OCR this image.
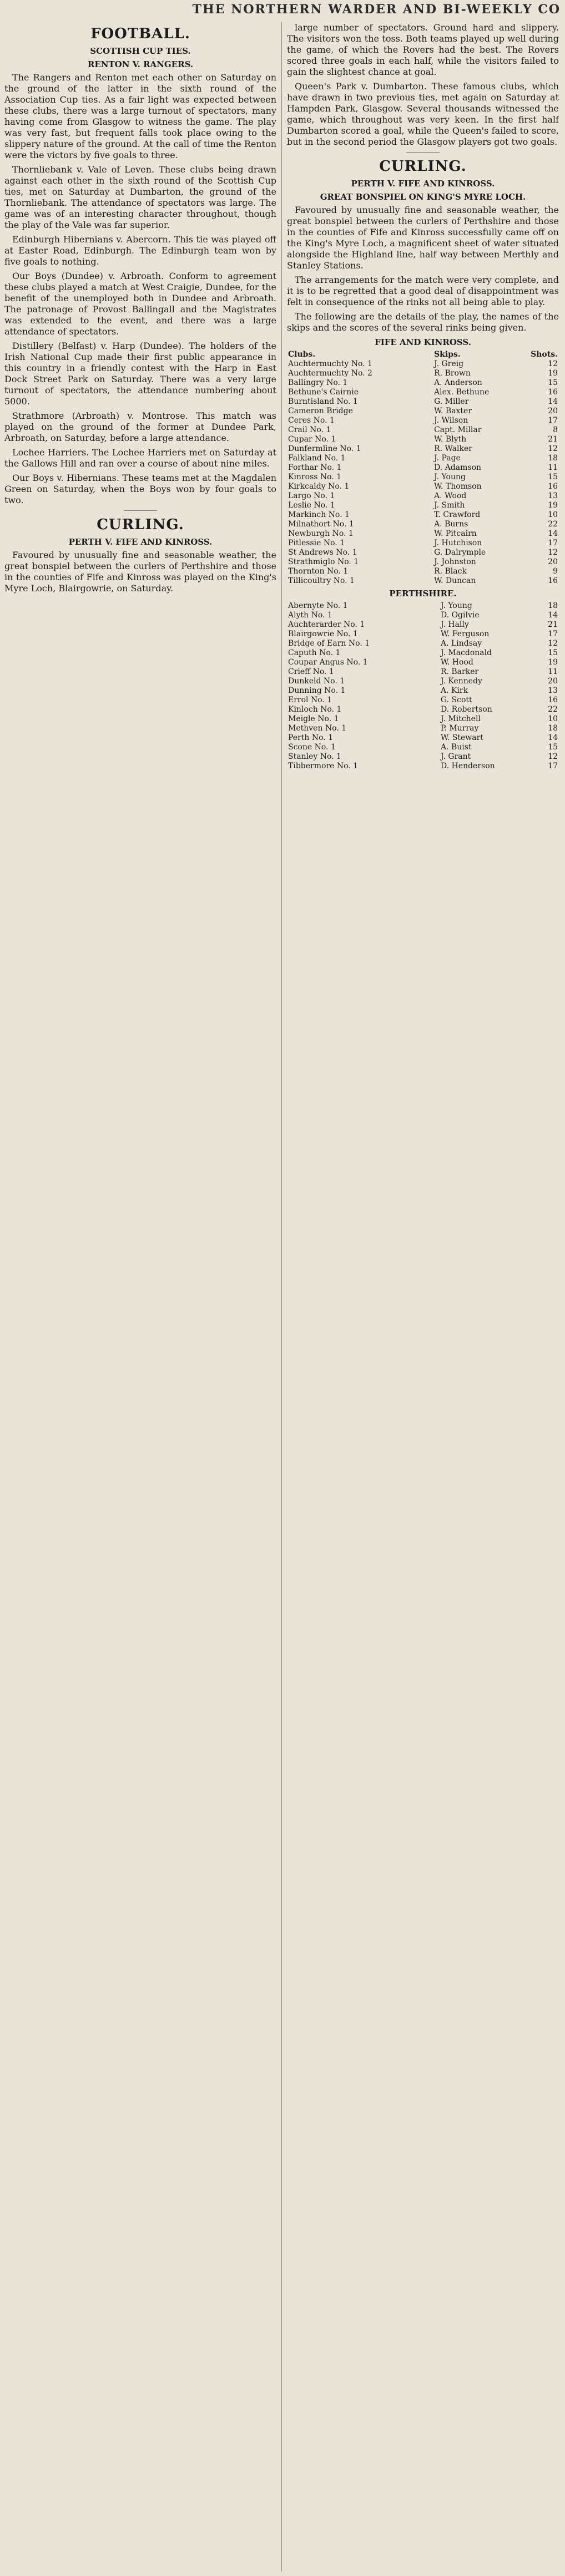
THE NORTHERN WARDER AND BI-WEEKLY CO
FOOTBALL.
SCOTTISH CUP TIES.
RENTON V. RANGERS.

The Rangers and Renton met each other on Saturday on the ground of the latter in the sixth round of the Association Cup ties. As a fair light was expected between these clubs, there was a large turnout of spectators, many having come from Glasgow to witness the game. The play was very fast, but frequent falls took place owing to the slippery nature of the ground. At the call of time the Renton were the victors by five goals to three.

Thornliebank v. Vale of Leven. These clubs being drawn against each other in the sixth round of the Scottish Cup ties, met on Saturday at Dumbarton, the ground of the Thornliebank. The attendance of spectators was large. The game was of an interesting character throughout, though the play of the Vale was far superior.

Edinburgh Hibernians v. Abercorn. This tie was played off at Easter Road, Edinburgh. The Edinburgh team won by five goals to nothing.

Our Boys (Dundee) v. Arbroath. Conform to agreement these clubs played a match at West Craigie, Dundee, for the benefit of the unemployed both in Dundee and Arbroath. The patronage of Provost Ballingall and the Magistrates was extended to the event, and there was a large attendance of spectators.

Distillery (Belfast) v. Harp (Dundee). The holders of the Irish National Cup made their first public appearance in this country in a friendly contest with the Harp in East Dock Street Park on Saturday. There was a very large turnout of spectators, the attendance numbering about 5000.

Strathmore (Arbroath) v. Montrose. This match was played on the ground of the former at Dundee Park, Arbroath, on Saturday, before a large attendance.

Lochee Harriers. The Lochee Harriers met on Saturday at the Gallows Hill and ran over a course of about nine miles.

Our Boys v. Hibernians. These teams met at the Magdalen Green on Saturday, when the Boys won by four goals to two.

CURLING.
PERTH V. FIFE AND KINROSS.

Favoured by unusually fine and seasonable weather, the great bonspiel between the curlers of Perthshire and those in the counties of Fife and Kinross was played on the King's Myre Loch, Blairgowrie, on Saturday.

large number of spectators. Ground hard and slippery. The visitors won the toss. Both teams played up well during the game, of which the Rovers had the best. The Rovers scored three goals in each half, while the visitors failed to gain the slightest chance at goal.

Queen's Park v. Dumbarton. These famous clubs, which have drawn in two previous ties, met again on Saturday at Hampden Park, Glasgow. Several thousands witnessed the game, which throughout was very keen. In the first half Dumbarton scored a goal, while the Queen's failed to score, but in the second period the Glasgow players got two goals.

CURLING.
PERTH V. FIFE AND KINROSS.
GREAT BONSPIEL ON KING'S MYRE LOCH.

Favoured by unusually fine and seasonable weather, the great bonspiel between the curlers of Perthshire and those in the counties of Fife and Kinross successfully came off on the King's Myre Loch, a magnificent sheet of water situated alongside the Highland line, half way between Merthly and Stanley Stations.

The arrangements for the match were very complete, and it is to be regretted that a good deal of disappointment was felt in consequence of the rinks not all being able to play.

The following are the details of the play, the names of the skips and the scores of the several rinks being given.

FIFE AND KINROSS.
Clubs.	Skips.	Shots.
Auchtermuchty No. 1	J. Greig	12
Auchtermuchty No. 2	R. Brown	19
Ballingry No. 1	A. Anderson	15
Bethune's Cairnie	Alex. Bethune	16
Burntisland No. 1	G. Miller	14
Cameron Bridge	W. Baxter	20
Ceres No. 1	J. Wilson	17
Crail No. 1	Capt. Millar	8
Cupar No. 1	W. Blyth	21
Dunfermline No. 1	R. Walker	12
Falkland No. 1	J. Page	18
Forthar No. 1	D. Adamson	11
Kinross No. 1	J. Young	15
Kirkcaldy No. 1	W. Thomson	16
Largo No. 1	A. Wood	13
Leslie No. 1	J. Smith	19
Markinch No. 1	T. Crawford	10
Milnathort No. 1	A. Burns	22
Newburgh No. 1	W. Pitcairn	14
Pitlessie No. 1	J. Hutchison	17
St Andrews No. 1	G. Dalrymple	12
Strathmiglo No. 1	J. Johnston	20
Thornton No. 1	R. Black	9
Tillicoultry No. 1	W. Duncan	16
PERTHSHIRE.
Abernyte No. 1	J. Young	18
Alyth No. 1	D. Ogilvie	14
Auchterarder No. 1	J. Hally	21
Blairgowrie No. 1	W. Ferguson	17
Bridge of Earn No. 1	A. Lindsay	12
Caputh No. 1	J. Macdonald	15
Coupar Angus No. 1	W. Hood	19
Crieff No. 1	R. Barker	11
Dunkeld No. 1	J. Kennedy	20
Dunning No. 1	A. Kirk	13
Errol No. 1	G. Scott	16
Kinloch No. 1	D. Robertson	22
Meigle No. 1	J. Mitchell	10
Methven No. 1	P. Murray	18
Perth No. 1	W. Stewart	14
Scone No. 1	A. Buist	15
Stanley No. 1	J. Grant	12
Tibbermore No. 1	D. Henderson	17
